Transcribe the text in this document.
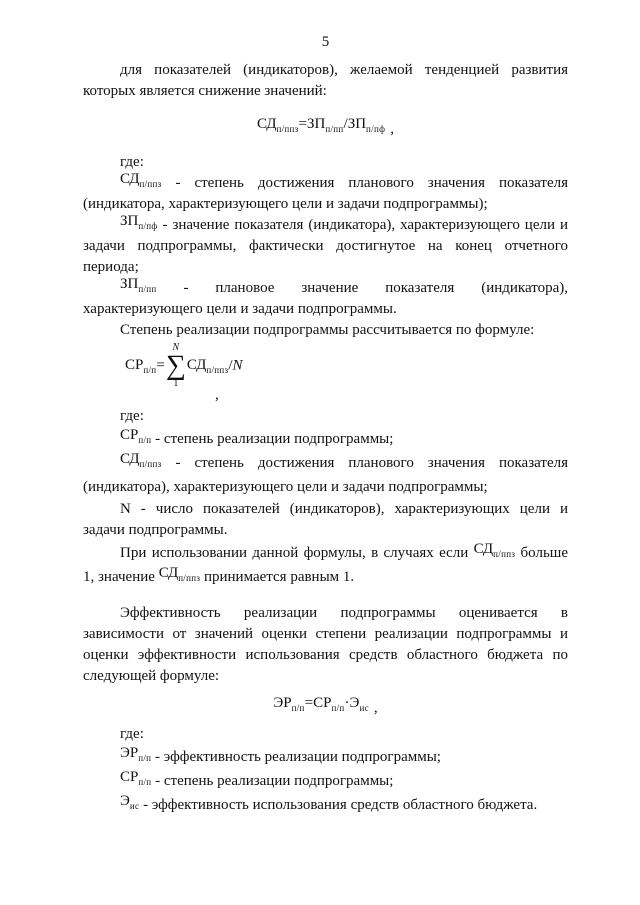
5

для показателей (индикаторов), желаемой тенденцией развития которых является снижение значений:

$СД_{п/ппз}=ЗП_{п/пп}/ЗП_{п/пф}$ ,

где:

$СД_{п/ппз}$ - степень достижения планового значения показателя (индикатора, характеризующего цели и задачи подпрограммы);

$ЗП_{п/пф}$ - значение показателя (индикатора), характеризующего цели и задачи подпрограммы, фактически достигнутое на конец отчетного периода;

$ЗП_{п/пп}$ - плановое значение показателя (индикатора), характеризующего цели и задачи подпрограммы.

Степень реализации подпрограммы рассчитывается по формуле:

$СР_{п/п}=$
N
∑
1
$СД_{п/ппз}/N$
,

где:

$СР_{п/п}$ - степень реализации подпрограммы;

$СД_{п/ппз}$ - степень достижения планового значения показателя (индикатора), характеризующего цели и задачи подпрограммы;

N - число показателей (индикаторов), характеризующих цели и задачи подпрограммы.

При использовании данной формулы, в случаях если $СД_{п/ппз}$ больше 1, значение $СД_{п/ппз}$ принимается равным 1.

Эффективность реализации подпрограммы оценивается в зависимости от значений оценки степени реализации подпрограммы и оценки эффективности использования средств областного бюджета по следующей формуле:

$ЭР_{п/п}=СР_{п/п}\cdot Э_{ис}$ ,

где:

$ЭР_{п/п}$ - эффективность реализации подпрограммы;

$СР_{п/п}$ - степень реализации подпрограммы;

$Э_{ис}$ - эффективность использования средств областного бюджета.
